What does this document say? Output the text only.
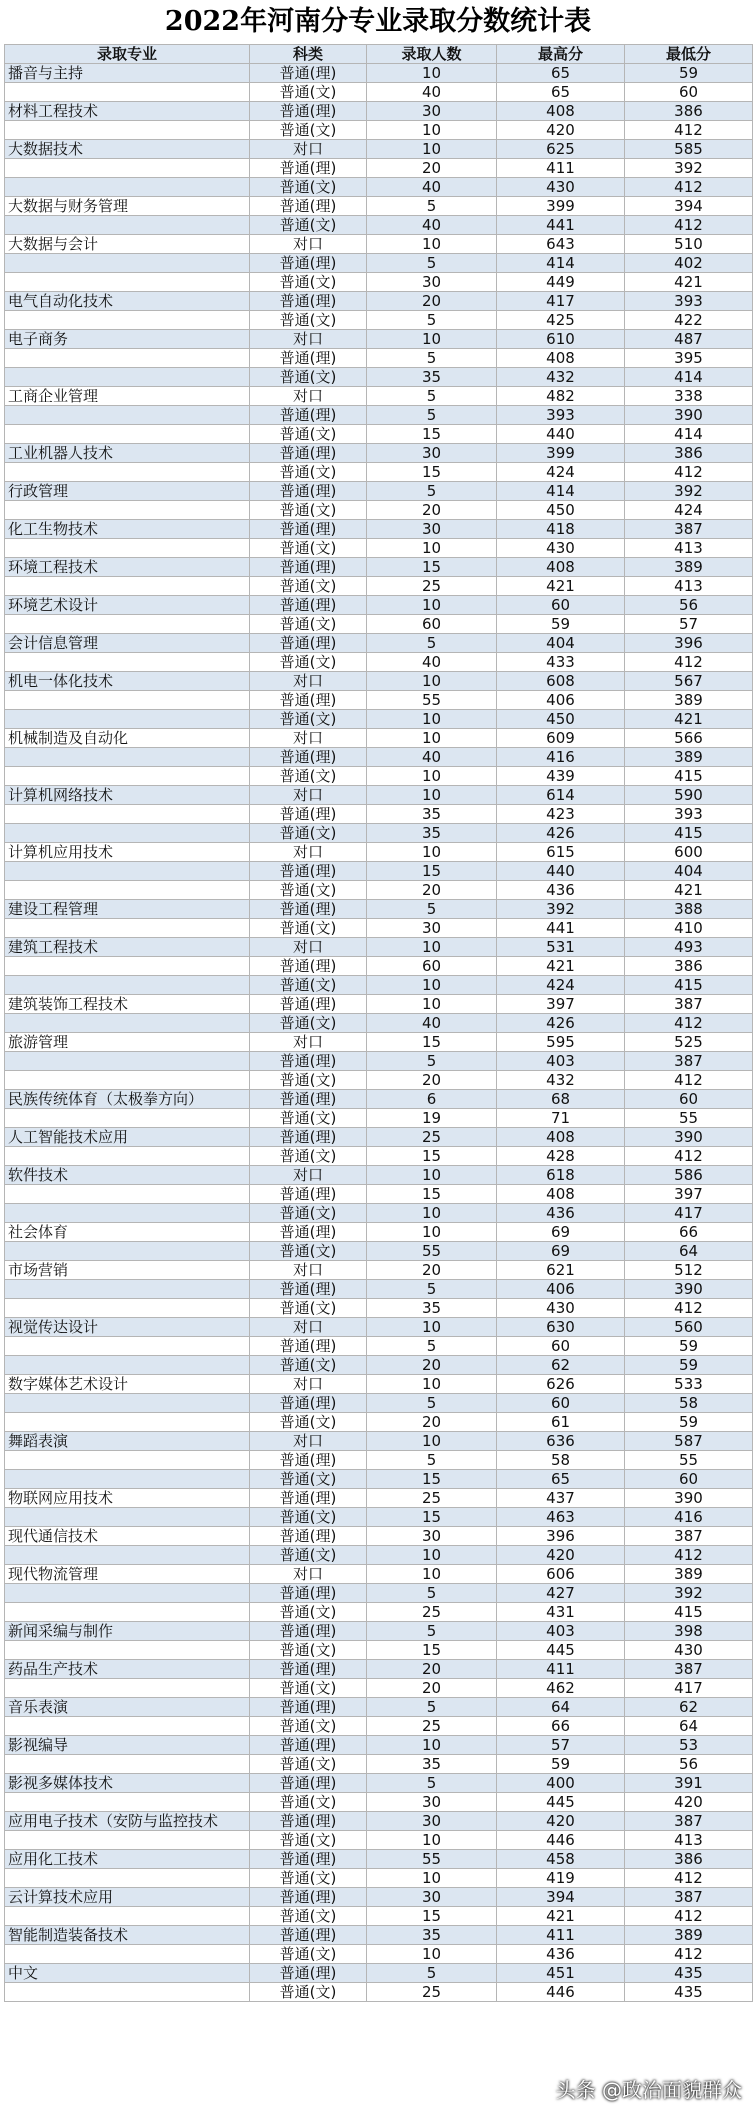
2022年河南分专业录取分数统计表
录取专业	科类	录取人数	最高分	最低分
播音与主持	普通(理)	10	65	59
	普通(文)	40	65	60
材料工程技术	普通(理)	30	408	386
	普通(文)	10	420	412
大数据技术	对口	10	625	585
	普通(理)	20	411	392
	普通(文)	40	430	412
大数据与财务管理	普通(理)	5	399	394
	普通(文)	40	441	412
大数据与会计	对口	10	643	510
	普通(理)	5	414	402
	普通(文)	30	449	421
电气自动化技术	普通(理)	20	417	393
	普通(文)	5	425	422
电子商务	对口	10	610	487
	普通(理)	5	408	395
	普通(文)	35	432	414
工商企业管理	对口	5	482	338
	普通(理)	5	393	390
	普通(文)	15	440	414
工业机器人技术	普通(理)	30	399	386
	普通(文)	15	424	412
行政管理	普通(理)	5	414	392
	普通(文)	20	450	424
化工生物技术	普通(理)	30	418	387
	普通(文)	10	430	413
环境工程技术	普通(理)	15	408	389
	普通(文)	25	421	413
环境艺术设计	普通(理)	10	60	56
	普通(文)	60	59	57
会计信息管理	普通(理)	5	404	396
	普通(文)	40	433	412
机电一体化技术	对口	10	608	567
	普通(理)	55	406	389
	普通(文)	10	450	421
机械制造及自动化	对口	10	609	566
	普通(理)	40	416	389
	普通(文)	10	439	415
计算机网络技术	对口	10	614	590
	普通(理)	35	423	393
	普通(文)	35	426	415
计算机应用技术	对口	10	615	600
	普通(理)	15	440	404
	普通(文)	20	436	421
建设工程管理	普通(理)	5	392	388
	普通(文)	30	441	410
建筑工程技术	对口	10	531	493
	普通(理)	60	421	386
	普通(文)	10	424	415
建筑装饰工程技术	普通(理)	10	397	387
	普通(文)	40	426	412
旅游管理	对口	15	595	525
	普通(理)	5	403	387
	普通(文)	20	432	412
民族传统体育（太极拳方向）	普通(理)	6	68	60
	普通(文)	19	71	55
人工智能技术应用	普通(理)	25	408	390
	普通(文)	15	428	412
软件技术	对口	10	618	586
	普通(理)	15	408	397
	普通(文)	10	436	417
社会体育	普通(理)	10	69	66
	普通(文)	55	69	64
市场营销	对口	20	621	512
	普通(理)	5	406	390
	普通(文)	35	430	412
视觉传达设计	对口	10	630	560
	普通(理)	5	60	59
	普通(文)	20	62	59
数字媒体艺术设计	对口	10	626	533
	普通(理)	5	60	58
	普通(文)	20	61	59
舞蹈表演	对口	10	636	587
	普通(理)	5	58	55
	普通(文)	15	65	60
物联网应用技术	普通(理)	25	437	390
	普通(文)	15	463	416
现代通信技术	普通(理)	30	396	387
	普通(文)	10	420	412
现代物流管理	对口	10	606	389
	普通(理)	5	427	392
	普通(文)	25	431	415
新闻采编与制作	普通(理)	5	403	398
	普通(文)	15	445	430
药品生产技术	普通(理)	20	411	387
	普通(文)	20	462	417
音乐表演	普通(理)	5	64	62
	普通(文)	25	66	64
影视编导	普通(理)	10	57	53
	普通(文)	35	59	56
影视多媒体技术	普通(理)	5	400	391
	普通(文)	30	445	420
应用电子技术（安防与监控技术	普通(理)	30	420	387
	普通(文)	10	446	413
应用化工技术	普通(理)	55	458	386
	普通(文)	10	419	412
云计算技术应用	普通(理)	30	394	387
	普通(文)	15	421	412
智能制造装备技术	普通(理)	35	411	389
	普通(文)	10	436	412
中文	普通(理)	5	451	435
	普通(文)	25	446	435
头条 @政治面貌群众
